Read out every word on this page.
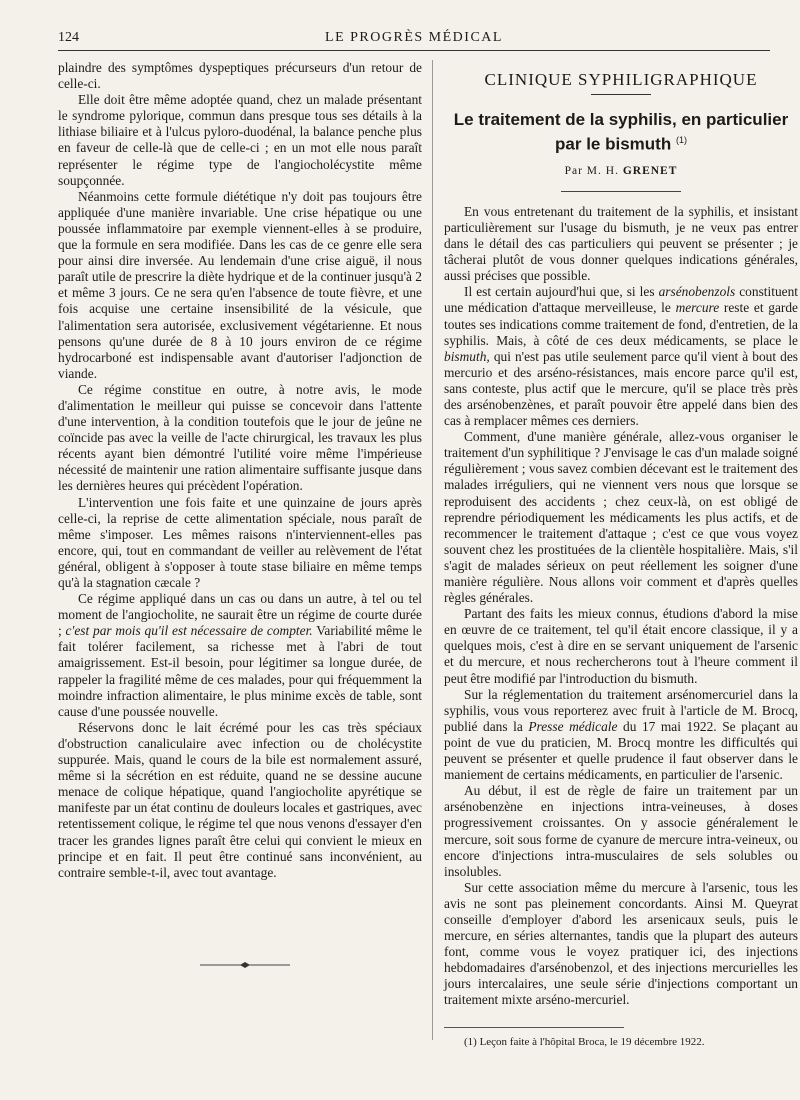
124	LE PROGRÈS MÉDICAL

plaindre des symptômes dyspeptiques précurseurs d'un retour de celle-ci.

Elle doit être même adoptée quand, chez un malade présentant le syndrome pylorique, commun dans presque tous ses détails à la lithiase biliaire et à l'ulcus pyloro-duodénal, la balance penche plus en faveur de celle-là que de celle-ci ; en un mot elle nous paraît représenter le régime type de l'angiocholécystite même soupçonnée.

Néanmoins cette formule diététique n'y doit pas toujours être appliquée d'une manière invariable. Une crise hépatique ou une poussée inflammatoire par exemple viennent-elles à se produire, que la formule en sera modifiée. Dans les cas de ce genre elle sera pour ainsi dire inversée. Au lendemain d'une crise aiguë, il nous paraît utile de prescrire la diète hydrique et de la continuer jusqu'à 2 et même 3 jours. Ce ne sera qu'en l'absence de toute fièvre, et une fois acquise une certaine insensibilité de la vésicule, que l'alimentation sera autorisée, exclusivement végétarienne. Et nous pensons qu'une durée de 8 à 10 jours environ de ce régime hydrocarboné est indispensable avant d'autoriser l'adjonction de viande.

Ce régime constitue en outre, à notre avis, le mode d'alimentation le meilleur qui puisse se concevoir dans l'attente d'une intervention, à la condition toutefois que le jour de jeûne ne coïncide pas avec la veille de l'acte chirurgical, les travaux les plus récents ayant bien démontré l'utilité voire même l'impérieuse nécessité de maintenir une ration alimentaire suffisante jusque dans les dernières heures qui précèdent l'opération.

L'intervention une fois faite et une quinzaine de jours après celle-ci, la reprise de cette alimentation spéciale, nous paraît de même s'imposer. Les mêmes raisons n'interviennent-elles pas encore, qui, tout en commandant de veiller au relèvement de l'état général, obligent à s'opposer à toute stase biliaire en même temps qu'à la stagnation cæcale ?

Ce régime appliqué dans un cas ou dans un autre, à tel ou tel moment de l'angiocholite, ne saurait être un régime de courte durée ; c'est par mois qu'il est nécessaire de compter. Variabilité même le fait tolérer facilement, sa richesse met à l'abri de tout amaigrissement. Est-il besoin, pour légitimer sa longue durée, de rappeler la fragilité même de ces malades, pour qui fréquemment la moindre infraction alimentaire, le plus minime excès de table, sont cause d'une poussée nouvelle.

Réservons donc le lait écrémé pour les cas très spéciaux d'obstruction canaliculaire avec infection ou de cholécystite suppurée. Mais, quand le cours de la bile est normalement assuré, même si la sécrétion en est réduite, quand ne se dessine aucune menace de colique hépatique, quand l'angiocholite apyrétique se manifeste par un état continu de douleurs locales et gastriques, avec retentissement colique, le régime tel que nous venons d'essayer d'en tracer les grandes lignes paraît être celui qui convient le mieux en principe et en fait. Il peut être continué sans inconvénient, au contraire semble-t-il, avec tout avantage.

CLINIQUE SYPHILIGRAPHIQUE
Le traitement de la syphilis, en particulier par le bismuth $^{(1)}$
Par M. H. GRENET

En vous entretenant du traitement de la syphilis, et insistant particulièrement sur l'usage du bismuth, je ne veux pas entrer dans le détail des cas particuliers qui peuvent se présenter ; je tâcherai plutôt de vous donner quelques indications générales, aussi précises que possible.

Il est certain aujourd'hui que, si les arsénobenzols constituent une médication d'attaque merveilleuse, le mercure reste et garde toutes ses indications comme traitement de fond, d'entretien, de la syphilis. Mais, à côté de ces deux médicaments, se place le bismuth, qui n'est pas utile seulement parce qu'il vient à bout des mercurio et des arséno-résistances, mais encore parce qu'il est, sans conteste, plus actif que le mercure, qu'il se place très près des arsénobenzènes, et paraît pouvoir être appelé dans bien des cas à remplacer mêmes ces derniers.

Comment, d'une manière générale, allez-vous organiser le traitement d'un syphilitique ? J'envisage le cas d'un malade soigné régulièrement ; vous savez combien décevant est le traitement des malades irréguliers, qui ne viennent vers nous que lorsque se reproduisent des accidents ; chez ceux-là, on est obligé de reprendre périodiquement les médicaments les plus actifs, et de recommencer le traitement d'attaque ; c'est ce que vous voyez souvent chez les prostituées de la clientèle hospitalière. Mais, s'il s'agit de malades sérieux on peut réellement les soigner d'une manière régulière. Nous allons voir comment et d'après quelles règles générales.

Partant des faits les mieux connus, étudions d'abord la mise en œuvre de ce traitement, tel qu'il était encore classique, il y a quelques mois, c'est à dire en se servant uniquement de l'arsenic et du mercure, et nous rechercherons tout à l'heure comment il peut être modifié par l'introduction du bismuth.

Sur la réglementation du traitement arsénomercuriel dans la syphilis, vous vous reporterez avec fruit à l'article de M. Brocq, publié dans la Presse médicale du 17 mai 1922. Se plaçant au point de vue du praticien, M. Brocq montre les difficultés qui peuvent se présenter et quelle prudence il faut observer dans le maniement de certains médicaments, en particulier de l'arsenic.

Au début, il est de règle de faire un traitement par un arsénobenzène en injections intra-veineuses, à doses progressivement croissantes. On y associe généralement le mercure, soit sous forme de cyanure de mercure intra-veineux, ou encore d'injections intra-musculaires de sels solubles ou insolubles.

Sur cette association même du mercure à l'arsenic, tous les avis ne sont pas pleinement concordants. Ainsi M. Queyrat conseille d'employer d'abord les arsenicaux seuls, puis le mercure, en séries alternantes, tandis que la plupart des auteurs font, comme vous le voyez pratiquer ici, des injections hebdomadaires d'arsénobenzol, et des injections mercurielles les jours intercalaires, une seule série d'injections comportant un traitement mixte arséno-mercuriel.

(1) Leçon faite à l'hôpital Broca, le 19 décembre 1922.
